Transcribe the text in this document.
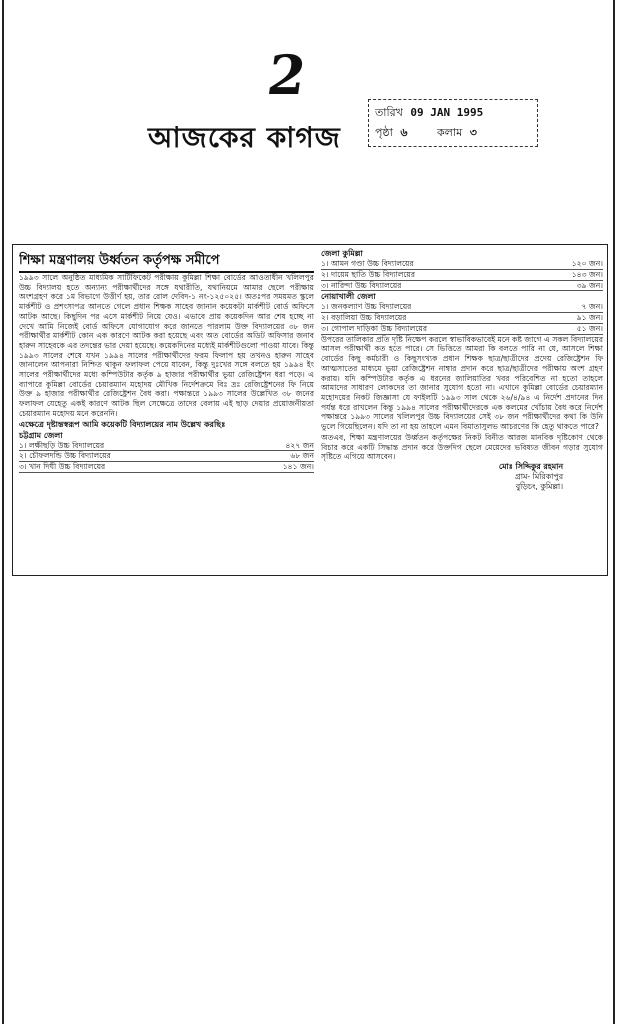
2
আজকের কাগজ
তারিখ 09 JAN 1995
পৃষ্ঠা ৬	কলাম ৩
শিক্ষা মন্ত্রণালয় উর্ধ্বতন কর্তৃপক্ষ সমীপে

১৯৯৩ সালে অনুষ্ঠিত মাধ্যমিক সার্টিফিকেট পরীক্ষায় কুমিল্লা শিক্ষা বোর্ডের আওতাধীন খলিলপুর উচ্চ বিদ্যালয় হতে অন্যান্য পরীক্ষার্থীদের সঙ্গে যথারীতি, যথানিয়মে আমার ছেলে পরীক্ষায় অংশগ্রহণ করে ১ম বিভাগে উত্তীর্ণ হয়, তার রোল দেবিদ-১ নং-১২৫০২৫। অতঃপর সময়মত স্কুলে মার্কশীট ও প্রশংসাপত্র আনতে গেলে প্রধান শিক্ষক সাহেব জানান কয়েকটা মার্কশীট বোর্ড অফিসে আটক আছে। কিছুদিন পর এসে মার্কশীট নিয়ে যেও। এভাবে প্রায় কয়েকদিন আর শেষ হচ্ছে না দেখে আমি নিজেই বোর্ড অফিসে যোগাযোগ করে জানতে পারলাম উক্ত বিদ্যালয়ের ৩৮ জন পরীক্ষার্থীর মার্কশীট কোন এক কারণে আটক করা হয়েছে এবং অত বোর্ডের অডিট অফিসার জনাব হারুন সাহেবকে এর তদন্তের ভার দেয়া হয়েছে। কয়েকদিনের মধ্যেই মার্কশীটগুলো পাওয়া যাবে। কিন্তু ১৯৯৩ সালের শেষে যখন ১৯৯৪ সালের পরীক্ষার্থীদের ফরম ফিলাপ হয় তখনও হারুন সাহেব জানালেন আপনারা নিশ্চিত থাকুন ফলাফল পেয়ে যাবেন, কিন্তু দুঃখের সঙ্গে বলতে হয় ১৯৯৪ ইং সালের পরীক্ষার্থীদের মধ্যে কম্পিউটার কর্তৃক ৯ হাজার পরীক্ষার্থীর ভুয়া রেজিষ্ট্রেশন ধরা পড়ে। এ ব্যাপারে কুমিল্লা বোর্ডের চেয়ারম্যান মহোদয় মৌখিক নির্দেশক্রমে বিঃ দ্রঃ রেজিষ্ট্রেশনের ফি নিয়ে উক্ত ৯ হাজার পরীক্ষার্থীর রেজিষ্ট্রেশন বৈধ করা। পক্ষান্তরে ১৯৯৩ সালের উল্লেখিত ৩৮ জনের ফলাফল যেহেতু একই কারণে আটক ছিল সেক্ষেত্রে তাদের বেলায় এই ছাড় দেয়ার প্রয়োজনীয়তা চেয়ারম্যান মহোদয় মনে করেননি।

এক্ষেত্রে দৃষ্টান্তস্বরূপ আমি কয়েকটি বিদ্যালয়ের নাম উল্লেখ করছিঃ
চট্টগ্রাম জেলা
১। লক্ষীছড়ি উচ্চ বিদ্যালয়ের	৪২৭ জন
২। চৌফলদন্ডি উচ্চ বিদ্যালয়ের	৬৮ জন
৩। খান দিঘী উচ্চ বিদ্যালয়ের	১৪১ জন।
জেলা কুমিল্লা
১। আমন গণ্ডা উচ্চ বিদ্যালয়ের	১২০ জন।
২। দায়েম ছাতি উচ্চ বিদ্যালয়ের	১৪৩ জন।
৩। নারিন্দা উচ্চ বিদ্যালয়ের	৩৯ জন।
নোয়াখালী জেলা
১। জনকল্যাণ উচ্চ বিদ্যালয়ের	৭ জন।
২। বড়ালিয়া উচ্চ বিদ্যালয়ের	৯১ জন।
৩। গোপাল দাড়িকা উচ্চ বিদ্যালয়ের	৫১ জন।

উপরের তালিকার প্রতি দৃষ্টি নিক্ষেপ করলে স্বাভাবিকভাবেই মনে কষ্ট জাগে এ সকল বিদ্যালয়ের আসল পরীক্ষার্থী কত হতে পারে। সে ভিত্তিতে আমরা কি বলতে পারি না যে, আসলে শিক্ষা বোর্ডের কিছু কর্মচারী ও কিছুসংখ্যক প্রধান শিক্ষক ছাত্র/ছাত্রীদের প্রদেয় রেজিষ্ট্রেশন ফি আত্মসাতের মাধ্যমে ভুয়া রেজিষ্ট্রেশন নাম্বার প্রদান করে ছাত্র/ছাত্রীদের পরীক্ষায় অংশ গ্রহণ করায়। যদি কম্পিউটার কর্তৃক এ ধরনের জালিয়াতির খবর পরিবেশিত না হতো তাহলে আমাদের সাধারণ লোকদের তা জানার সুযোগ হতো না। এখানে কুমিল্লা বোর্ডের চেয়ারম্যান মহোদয়ের নিকট জিজ্ঞাসা যে ফাইলটি ১৯৯৩ সাল থেকে ২৬/৪/৯৪ এ নির্দেশ প্রদানের দিন পর্যন্ত ধরে রাখলেন কিন্তু ১৯৯৪ সালের পরীক্ষার্থীদেরকে এক কলমের খোঁচায় বৈধ করে নির্দেশ পক্ষান্তরে ১৯৯৩ সালের খলিলপুর উচ্চ বিদ্যালয়ের সেই ৩৮ জন পরীক্ষার্থীদের কথা কি উনি ভুলে গিয়েছিলেন। যদি তা না হয় তাহলে এমন বিমাতাসুলভ আচরণের কি হেতু থাকতে পারে?

অতএব, শিক্ষা মন্ত্রণালয়ের উর্ধ্বতন কর্তৃপক্ষের নিকট বিনীত আরজ মানবিক দৃষ্টিকোণ থেকে বিচার করে একটি সিদ্ধান্ত প্রদান করে উক্তদিগ ছেলে মেয়েদের ভবিষ্যত জীবন গড়ার সুযোগ সৃষ্টিতে এগিয়ে আসবেন।

মোঃ সিদ্দিকুর রহমান
গ্রাম- মিরিকাপুর
বুড়িচং, কুমিল্লা।
